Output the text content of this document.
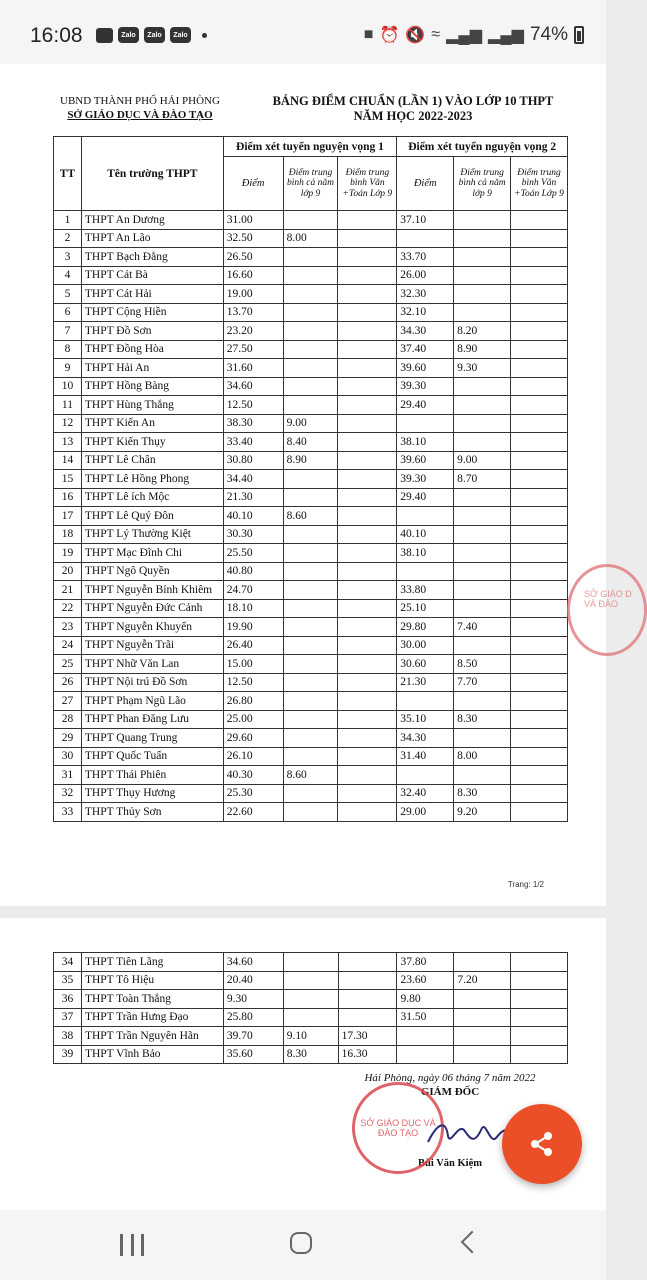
16:08	Zalo	Zalo	Zalo	■ ⏰ 🔇 ≈ ▂▄▆ ▂▄▆ 74%
UBND THÀNH PHỐ HẢI PHÒNG
SỞ GIÁO DỤC VÀ ĐÀO TẠO
BẢNG ĐIỂM CHUẨN (LẦN 1) VÀO LỚP 10 THPT
NĂM HỌC 2022-2023
TT	Tên trường THPT	Điểm xét tuyển nguyện vọng 1			Điểm xét tuyển nguyện vọng 2		
		Điểm	Điểm trung bình cả năm lớp 9	Điểm trung bình Văn +Toán Lớp 9	Điểm	Điểm trung bình cả năm lớp 9	Điểm trung bình Văn +Toán Lớp 9
1	THPT An Dương	31.00			37.10		
2	THPT An Lão	32.50	8.00				
3	THPT Bạch Đằng	26.50			33.70		
4	THPT Cát Bà	16.60			26.00		
5	THPT Cát Hải	19.00			32.30		
6	THPT Cộng Hiền	13.70			32.10		
7	THPT Đồ Sơn	23.20			34.30	8.20	
8	THPT Đồng Hòa	27.50			37.40	8.90	
9	THPT Hải An	31.60			39.60	9.30	
10	THPT Hồng Bàng	34.60			39.30		
11	THPT Hùng Thắng	12.50			29.40		
12	THPT Kiến An	38.30	9.00				
13	THPT Kiến Thụy	33.40	8.40		38.10		
14	THPT Lê Chân	30.80	8.90		39.60	9.00	
15	THPT Lê Hồng Phong	34.40			39.30	8.70	
16	THPT Lê ích Mộc	21.30			29.40		
17	THPT Lê Quý Đôn	40.10	8.60				
18	THPT Lý Thường Kiệt	30.30			40.10		
19	THPT Mạc Đĩnh Chi	25.50			38.10		
20	THPT Ngô Quyền	40.80					
21	THPT Nguyễn Bỉnh Khiêm	24.70			33.80		
22	THPT Nguyễn Đức Cảnh	18.10			25.10		
23	THPT Nguyễn Khuyến	19.90			29.80	7.40	
24	THPT Nguyễn Trãi	26.40			30.00		
25	THPT Nhữ Văn Lan	15.00			30.60	8.50	
26	THPT Nội trú Đồ Sơn	12.50			21.30	7.70	
27	THPT Phạm Ngũ Lão	26.80					
28	THPT Phan Đăng Lưu	25.00			35.10	8.30	
29	THPT Quang Trung	29.60			34.30		
30	THPT Quốc Tuấn	26.10			31.40	8.00	
31	THPT Thái Phiên	40.30	8.60				
32	THPT Thụy Hương	25.30			32.40	8.30	
33	THPT Thủy Sơn	22.60			29.00	9.20	
Trang: 1/2
SỞ GIÁO D VÀ ĐÀO
34	THPT Tiên Lãng	34.60			37.80		
35	THPT Tô Hiệu	20.40			23.60	7.20	
36	THPT Toàn Thắng	9.30			9.80		
37	THPT Trần Hưng Đạo	25.80			31.50		
38	THPT Trần Nguyên Hãn	39.70	9.10	17.30			
39	THPT Vĩnh Bảo	35.60	8.30	16.30			
Hải Phòng, ngày 06 tháng 7 năm 2022
GIÁM ĐỐC
Bùi Văn Kiệm
SỞ GIÁO DỤC VÀ ĐÀO TẠO
